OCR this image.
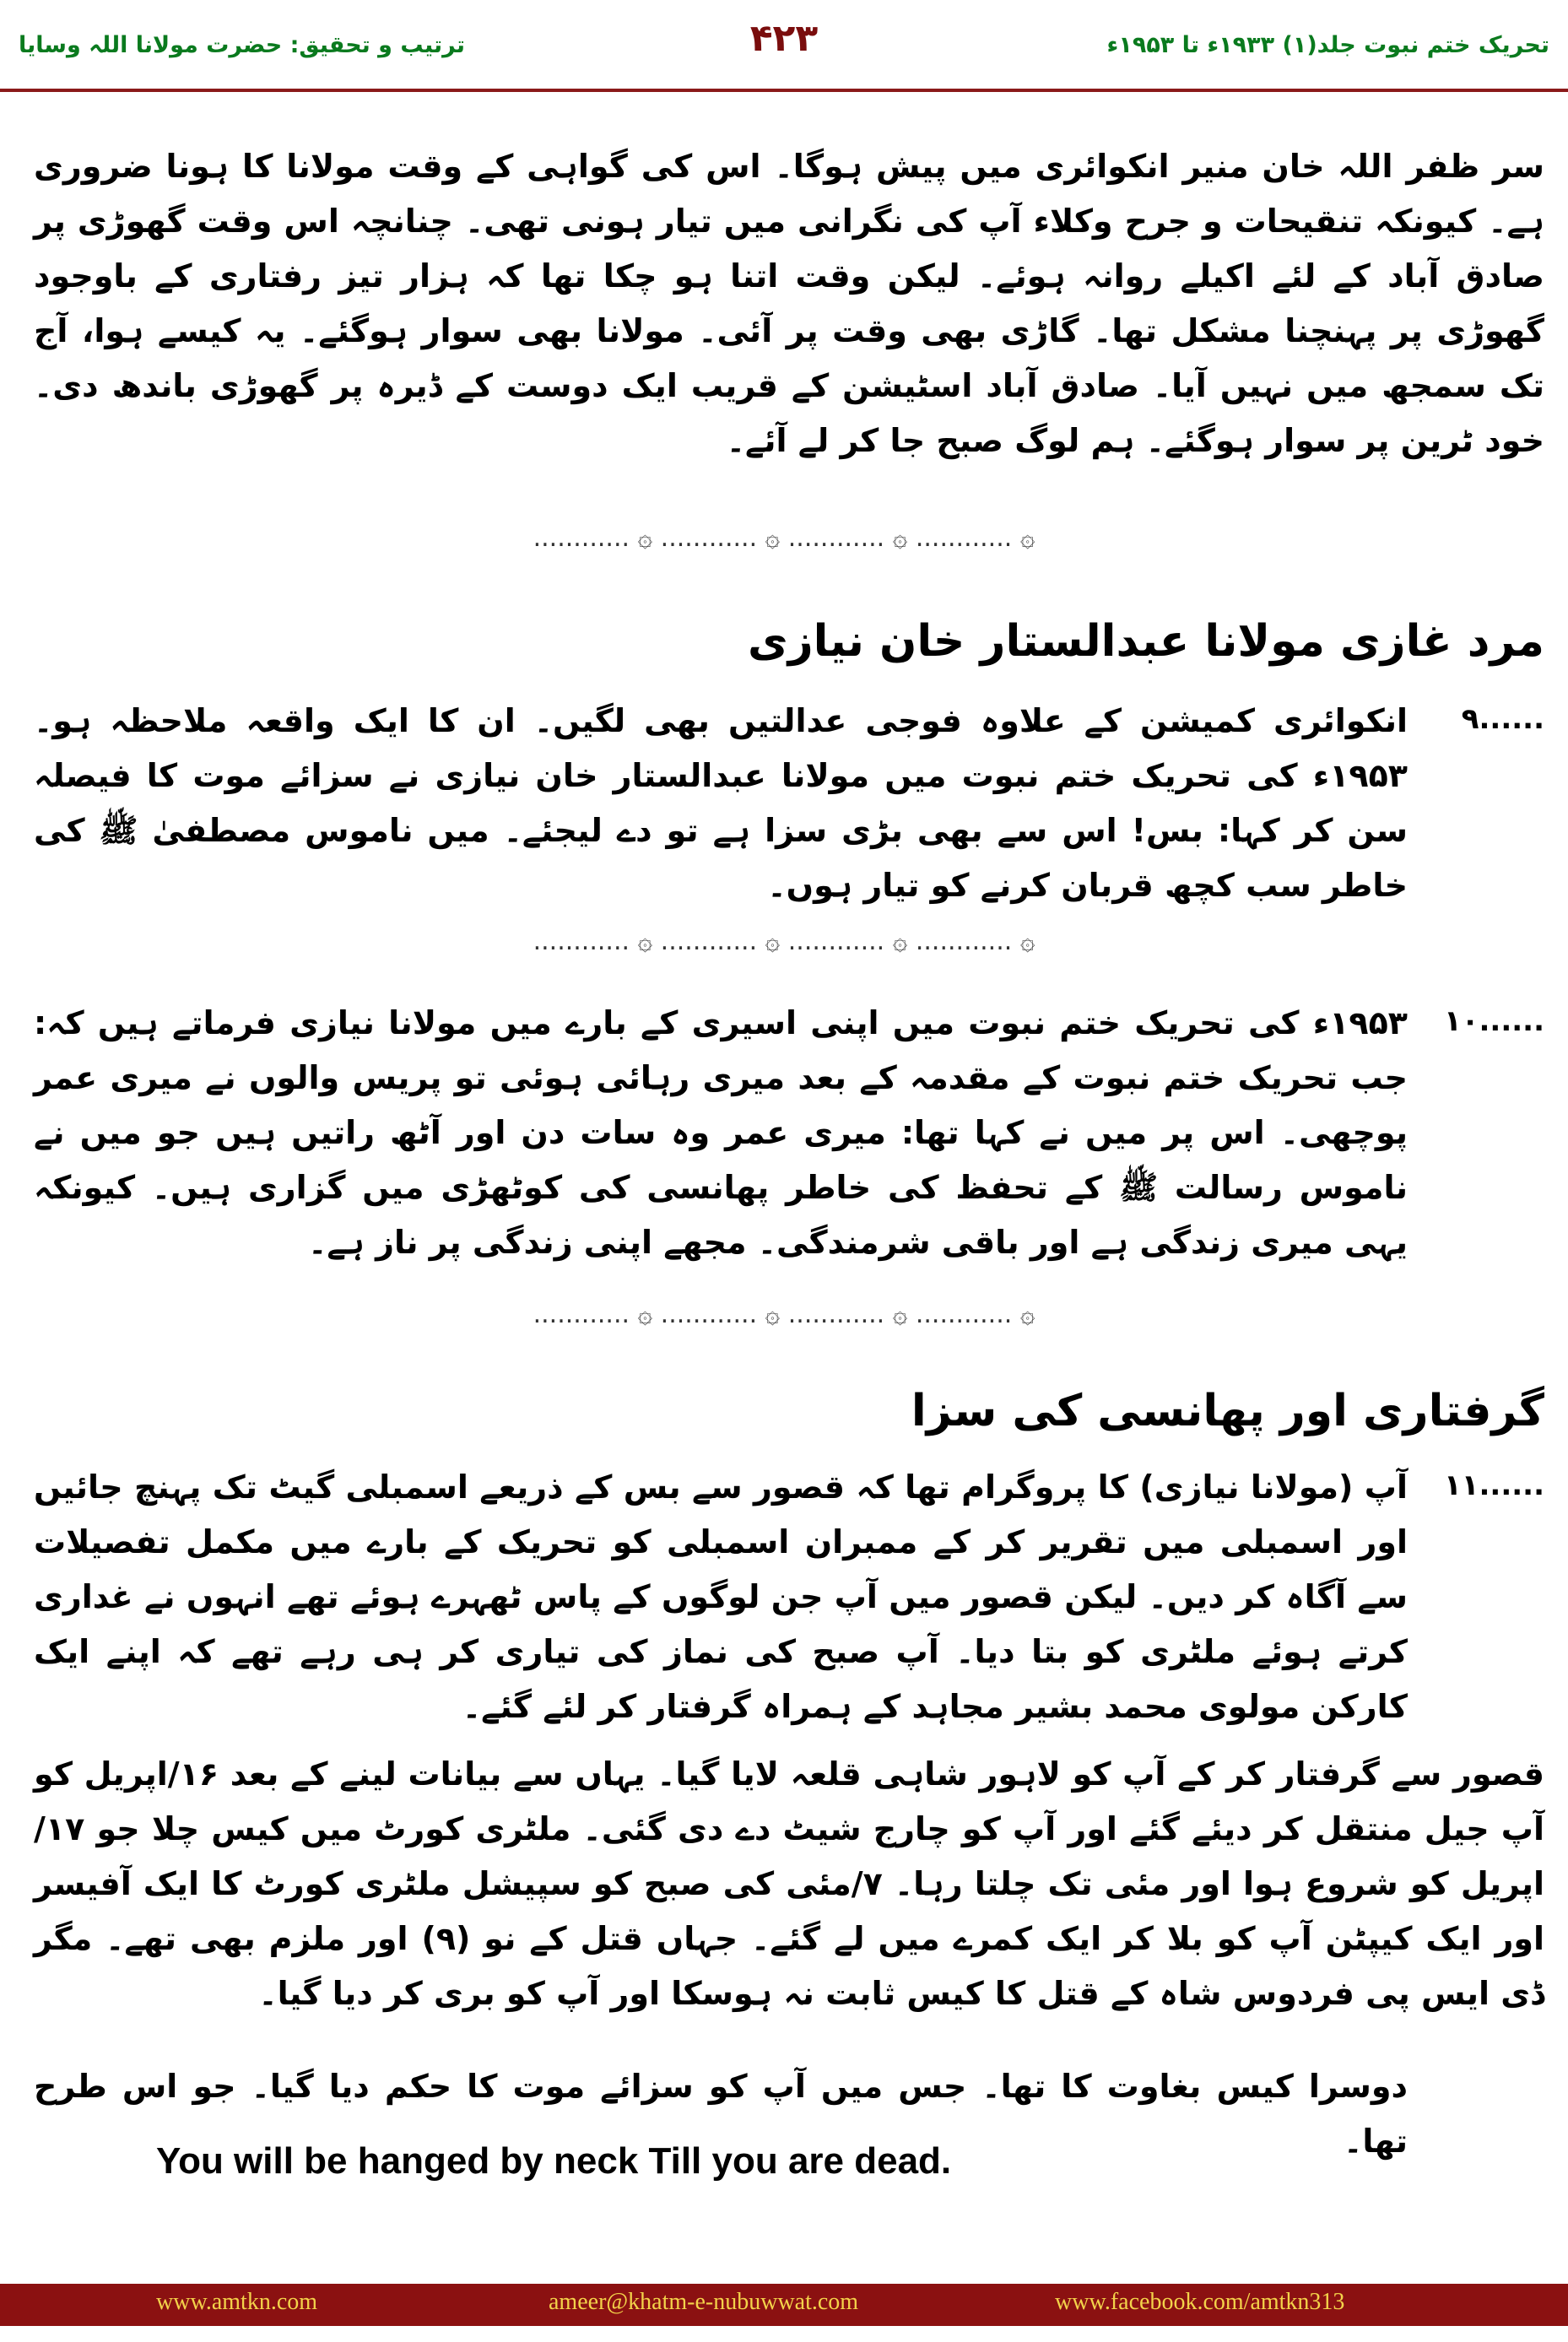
ترتیب و تحقیق: حضرت مولانا اللہ وسایا	۴۲۳	تحریک ختم نبوت جلد(۱) ۱۹۳۳ء تا ۱۹۵۳ء
سر ظفر اللہ خان منیر انکوائری میں پیش ہوگا۔ اس کی گواہی کے وقت مولانا کا ہونا ضروری ہے۔ کیونکہ تنقیحات و جرح وکلاء آپ کی نگرانی میں تیار ہونی تھی۔ چنانچہ اس وقت گھوڑی پر صادق آباد کے لئے اکیلے روانہ ہوئے۔ لیکن وقت اتنا ہو چکا تھا کہ ہزار تیز رفتاری کے باوجود گھوڑی پر پہنچنا مشکل تھا۔ گاڑی بھی وقت پر آئی۔ مولانا بھی سوار ہوگئے۔ یہ کیسے ہوا، آج تک سمجھ میں نہیں آیا۔ صادق آباد اسٹیشن کے قریب ایک دوست کے ڈیرہ پر گھوڑی باندھ دی۔ خود ٹرین پر سوار ہوگئے۔ ہم لوگ صبح جا کر لے آئے۔
............ ۞ ............ ۞ ............ ۞ ............ ۞
مرد غازی مولانا عبدالستار خان نیازی
۹......
انکوائری کمیشن کے علاوہ فوجی عدالتیں بھی لگیں۔ ان کا ایک واقعہ ملاحظہ ہو۔ ۱۹۵۳ء کی تحریک ختم نبوت میں مولانا عبدالستار خان نیازی نے سزائے موت کا فیصلہ سن کر کہا: بس! اس سے بھی بڑی سزا ہے تو دے لیجئے۔ میں ناموس مصطفیٰ ﷺ کی خاطر سب کچھ قربان کرنے کو تیار ہوں۔
............ ۞ ............ ۞ ............ ۞ ............ ۞
۱۰......
۱۹۵۳ء کی تحریک ختم نبوت میں اپنی اسیری کے بارے میں مولانا نیازی فرماتے ہیں کہ: جب تحریک ختم نبوت کے مقدمہ کے بعد میری رہائی ہوئی تو پریس والوں نے میری عمر پوچھی۔ اس پر میں نے کہا تھا: میری عمر وہ سات دن اور آٹھ راتیں ہیں جو میں نے ناموس رسالت ﷺ کے تحفظ کی خاطر پھانسی کی کوٹھڑی میں گزاری ہیں۔ کیونکہ یہی میری زندگی ہے اور باقی شرمندگی۔ مجھے اپنی زندگی پر ناز ہے۔
............ ۞ ............ ۞ ............ ۞ ............ ۞
گرفتاری اور پھانسی کی سزا
۱۱......
آپ (مولانا نیازی) کا پروگرام تھا کہ قصور سے بس کے ذریعے اسمبلی گیٹ تک پہنچ جائیں اور اسمبلی میں تقریر کر کے ممبران اسمبلی کو تحریک کے بارے میں مکمل تفصیلات سے آگاہ کر دیں۔ لیکن قصور میں آپ جن لوگوں کے پاس ٹھہرے ہوئے تھے انہوں نے غداری کرتے ہوئے ملٹری کو بتا دیا۔ آپ صبح کی نماز کی تیاری کر ہی رہے تھے کہ اپنے ایک کارکن مولوی محمد بشیر مجاہد کے ہمراہ گرفتار کر لئے گئے۔
قصور سے گرفتار کر کے آپ کو لاہور شاہی قلعہ لایا گیا۔ یہاں سے بیانات لینے کے بعد ۱۶/اپریل کو آپ جیل منتقل کر دیئے گئے اور آپ کو چارج شیٹ دے دی گئی۔ ملٹری کورٹ میں کیس چلا جو ۱۷/اپریل کو شروع ہوا اور مئی تک چلتا رہا۔ ۷/مئی کی صبح کو سپیشل ملٹری کورٹ کا ایک آفیسر اور ایک کیپٹن آپ کو بلا کر ایک کمرے میں لے گئے۔ جہاں قتل کے نو (۹) اور ملزم بھی تھے۔ مگر ڈی ایس پی فردوس شاہ کے قتل کا کیس ثابت نہ ہوسکا اور آپ کو بری کر دیا گیا۔
دوسرا کیس بغاوت کا تھا۔ جس میں آپ کو سزائے موت کا حکم دیا گیا۔ جو اس طرح تھا۔
You will be hanged by neck Till you are dead.
www.amtkn.com	ameer@khatm-e-nubuwwat.com	www.facebook.com/amtkn313
